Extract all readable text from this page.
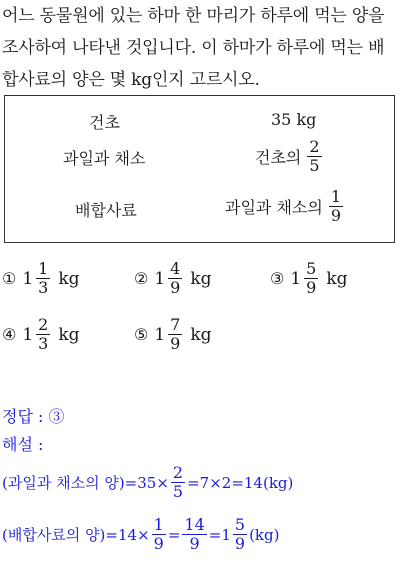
어느 동물원에 있는 하마 한 마리가 하루에 먹는 양을 조사하여 나타낸 것입니다. 이 하마가 하루에 먹는 배합사료의 양은 몇 kg인지 고르시오.
건초	35 kg
과일과 채소	건초의 $\frac{2}{5}$
배합사료	과일과 채소의 $\frac{1}{9}$
① $1 \frac{1}{3}$ kg	② $1 \frac{4}{9}$ kg	③ $1 \frac{5}{9}$ kg
④ $1 \frac{2}{3}$ kg	⑤ $1 \frac{7}{9}$ kg
정답 : ③
해설 :
(과일과 채소의 양)$=35\times \frac{2}{5} =7\times 2=14(kg)$
(배합사료의 양)$=14\times \frac{1}{9} = \frac{14}{9} =1 \frac{5}{9} (kg)$
